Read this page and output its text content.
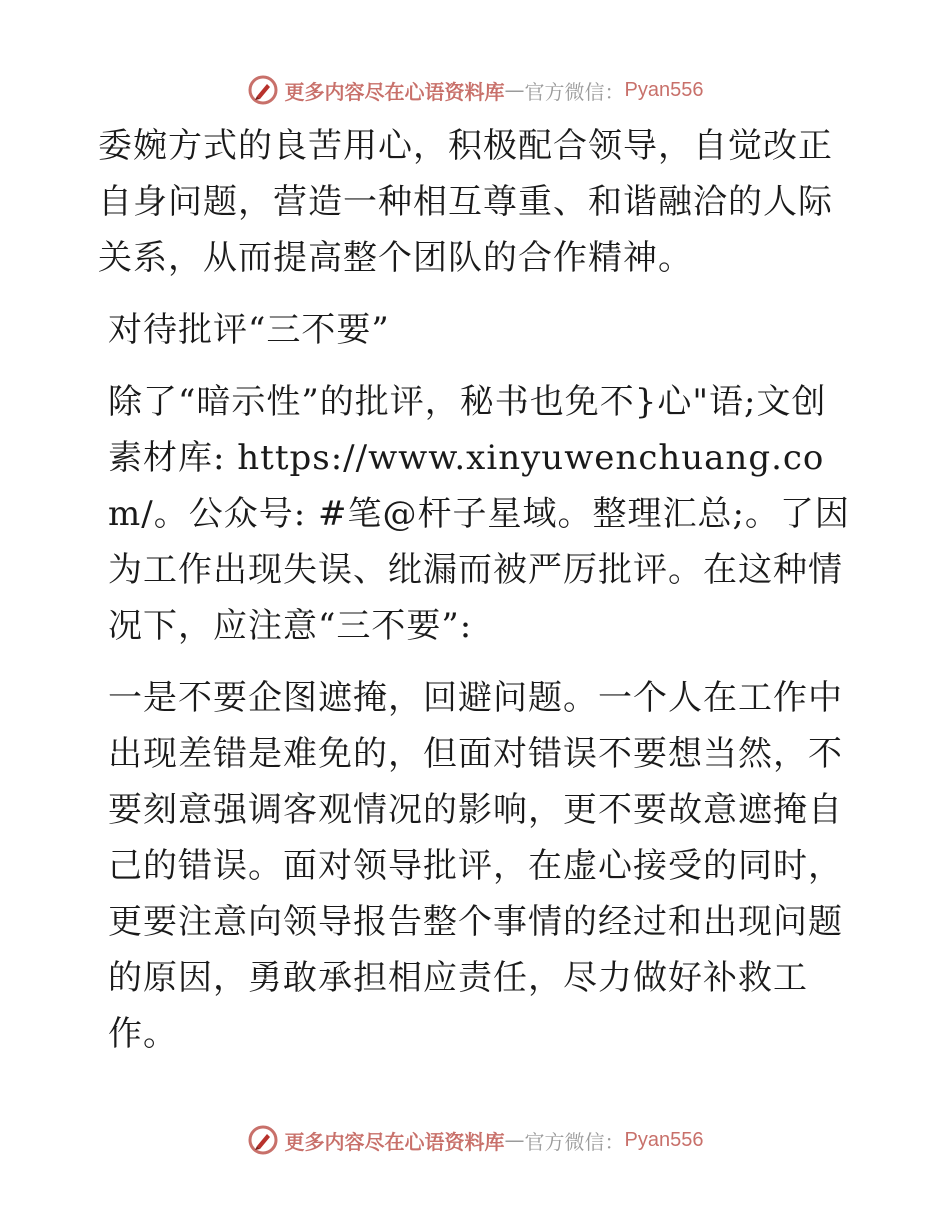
更多内容尽在心语资料库 — 官方微信： Pyan556

委婉方式的良苦用心，积极配合领导，自觉改正自身问题，营造一种相互尊重、和谐融洽的人际关系，从而提高整个团队的合作精神。

对待批评“三不要”

除了“暗示性”的批评，秘书也免不}心"语;文创素材库: https://www.xinyuwenchuang.com/。公众号: #笔@杆子星域。整理汇总;。了因为工作出现失误、纰漏而被严厉批评。在这种情况下，应注意“三不要”:

一是不要企图遮掩，回避问题。一个人在工作中出现差错是难免的，但面对错误不要想当然，不要刻意强调客观情况的影响，更不要故意遮掩自己的错误。面对领导批评，在虚心接受的同时，更要注意向领导报告整个事情的经过和出现问题的原因，勇敢承担相应责任，尽力做好补救工作。

更多内容尽在心语资料库 — 官方微信： Pyan556
